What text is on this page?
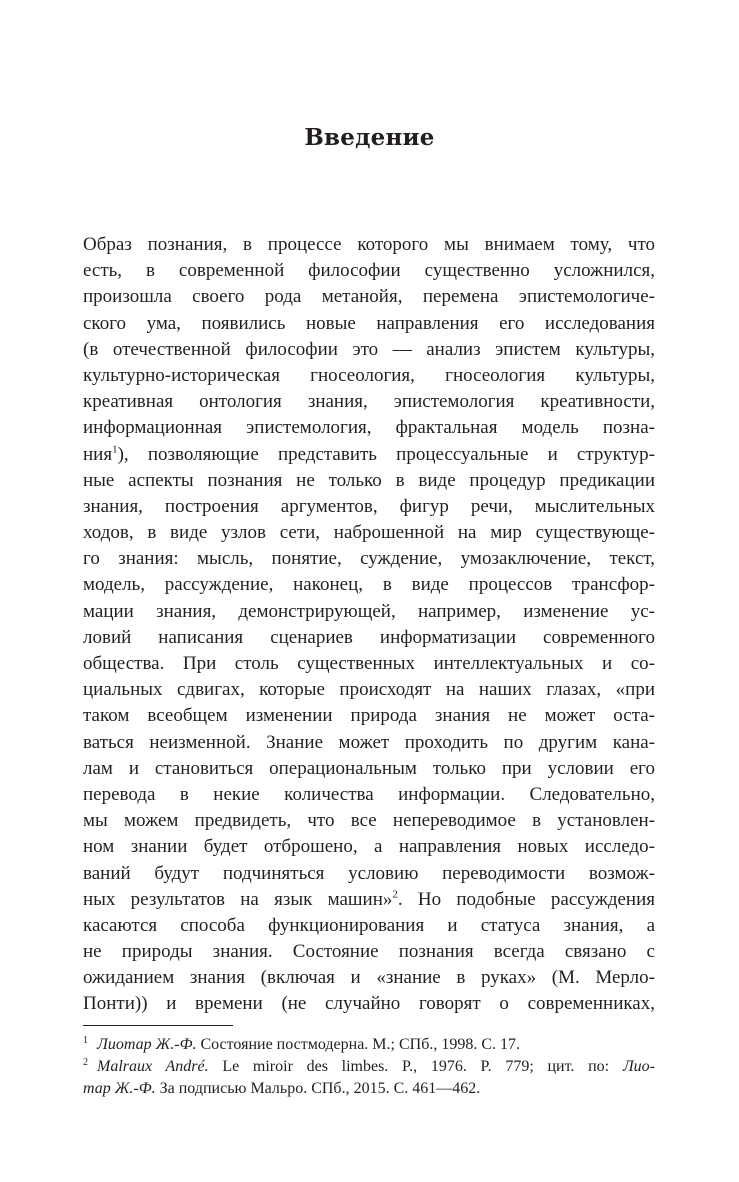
Введение
Образ познания, в процессе которого мы внимаем тому, что
есть, в современной философии существенно усложнился,
произошла своего рода метанойя, перемена эпистемологиче-
ского ума, появились новые направления его исследования
(в отечественной философии это — анализ эпистем культуры,
культурно-историческая гносеология, гносеология культуры,
креативная онтология знания, эпистемология креативности,
информационная эпистемология, фрактальная модель позна-
ния$^1$), позволяющие представить процессуальные и структур-
ные аспекты познания не только в виде процедур предикации
знания, построения аргументов, фигур речи, мыслительных
ходов, в виде узлов сети, наброшенной на мир существующе-
го знания: мысль, понятие, суждение, умозаключение, текст,
модель, рассуждение, наконец, в виде процессов трансфор-
мации знания, демонстрирующей, например, изменение ус-
ловий написания сценариев информатизации современного
общества. При столь существенных интеллектуальных и со-
циальных сдвигах, которые происходят на наших глазах, «при
таком всеобщем изменении природа знания не может оста-
ваться неизменной. Знание может проходить по другим кана-
лам и становиться операциональным только при условии его
перевода в некие количества информации. Следовательно,
мы можем предвидеть, что все непереводимое в установлен-
ном знании будет отброшено, а направления новых исследо-
ваний будут подчиняться условию переводимости возмож-
ных результатов на язык машин»$^2$. Но подобные рассуждения
касаются способа функционирования и статуса знания, а
не природы знания. Состояние познания всегда связано с
ожиданием знания (включая и «знание в руках» (М. Мерло-
Понти)) и времени (не случайно говорят о современниках,
$^1$ Лиотар Ж.-Ф. Состояние постмодерна. М.; СПб., 1998. С. 17.
$^2$ Malraux André. Le miroir des limbes. P., 1976. P. 779; цит. по: Лио-
тар Ж.-Ф. За подписью Мальро. СПб., 2015. С. 461—462.
